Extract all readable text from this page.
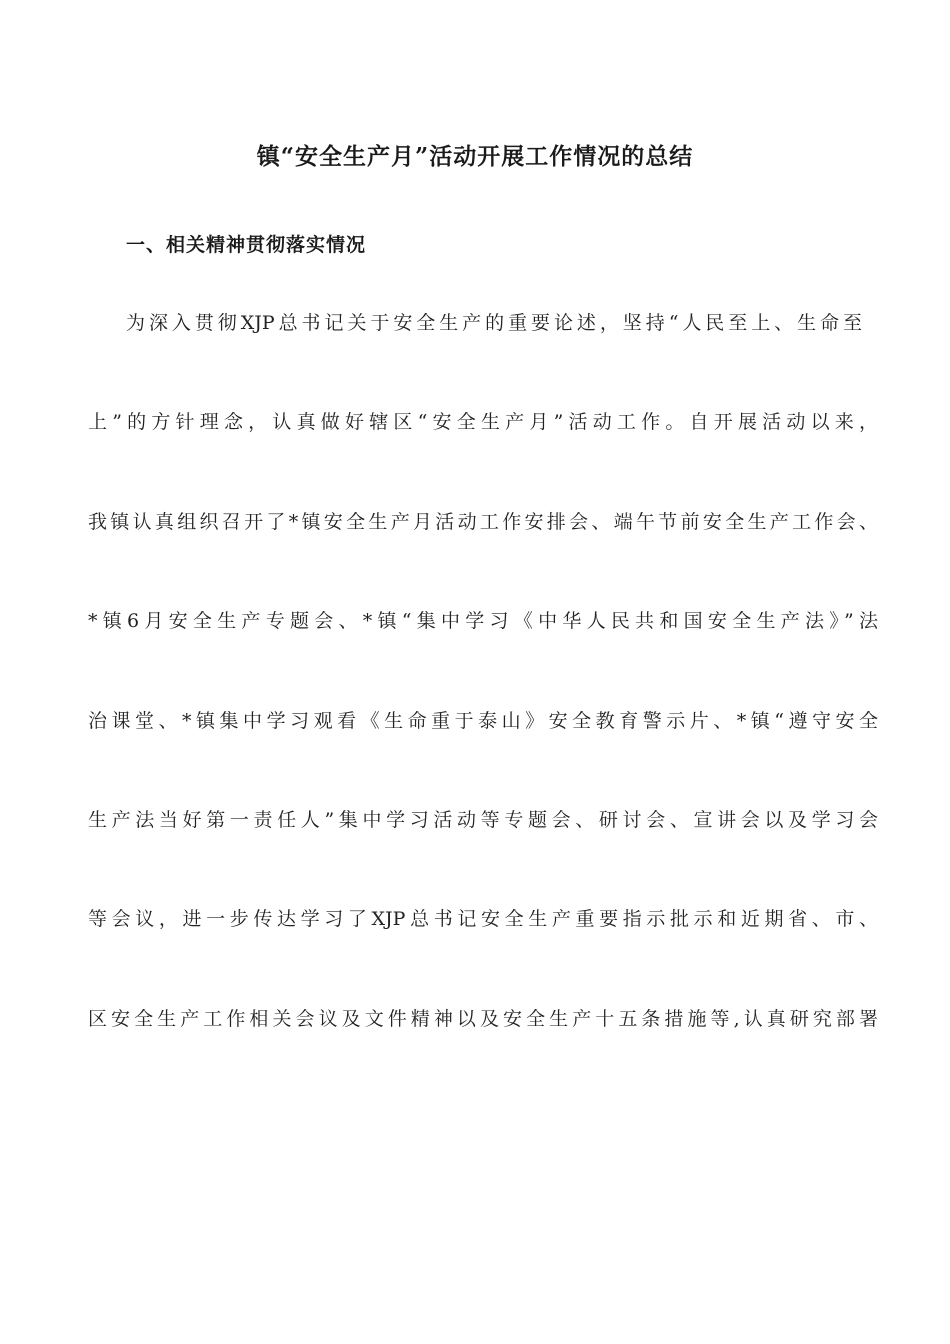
镇“安全生产月”活动开展工作情况的总结
一、相关精神贯彻落实情况
为深入贯彻XJP总书记关于安全生产的重要论述，坚持“人民至上、生命至
上”的方针理念，认真做好辖区“安全生产月”活动工作。自开展活动以来，
我镇认真组织召开了*镇安全生产月活动工作安排会、端午节前安全生产工作会、
*镇6月安全生产专题会、*镇“集中学习《中华人民共和国安全生产法》”法
治课堂、*镇集中学习观看《生命重于泰山》安全教育警示片、*镇“遵守安全
生产法当好第一责任人”集中学习活动等专题会、研讨会、宣讲会以及学习会
等会议，进一步传达学习了XJP总书记安全生产重要指示批示和近期省、市、
区安全生产工作相关会议及文件精神以及安全生产十五条措施等,认真研究部署
